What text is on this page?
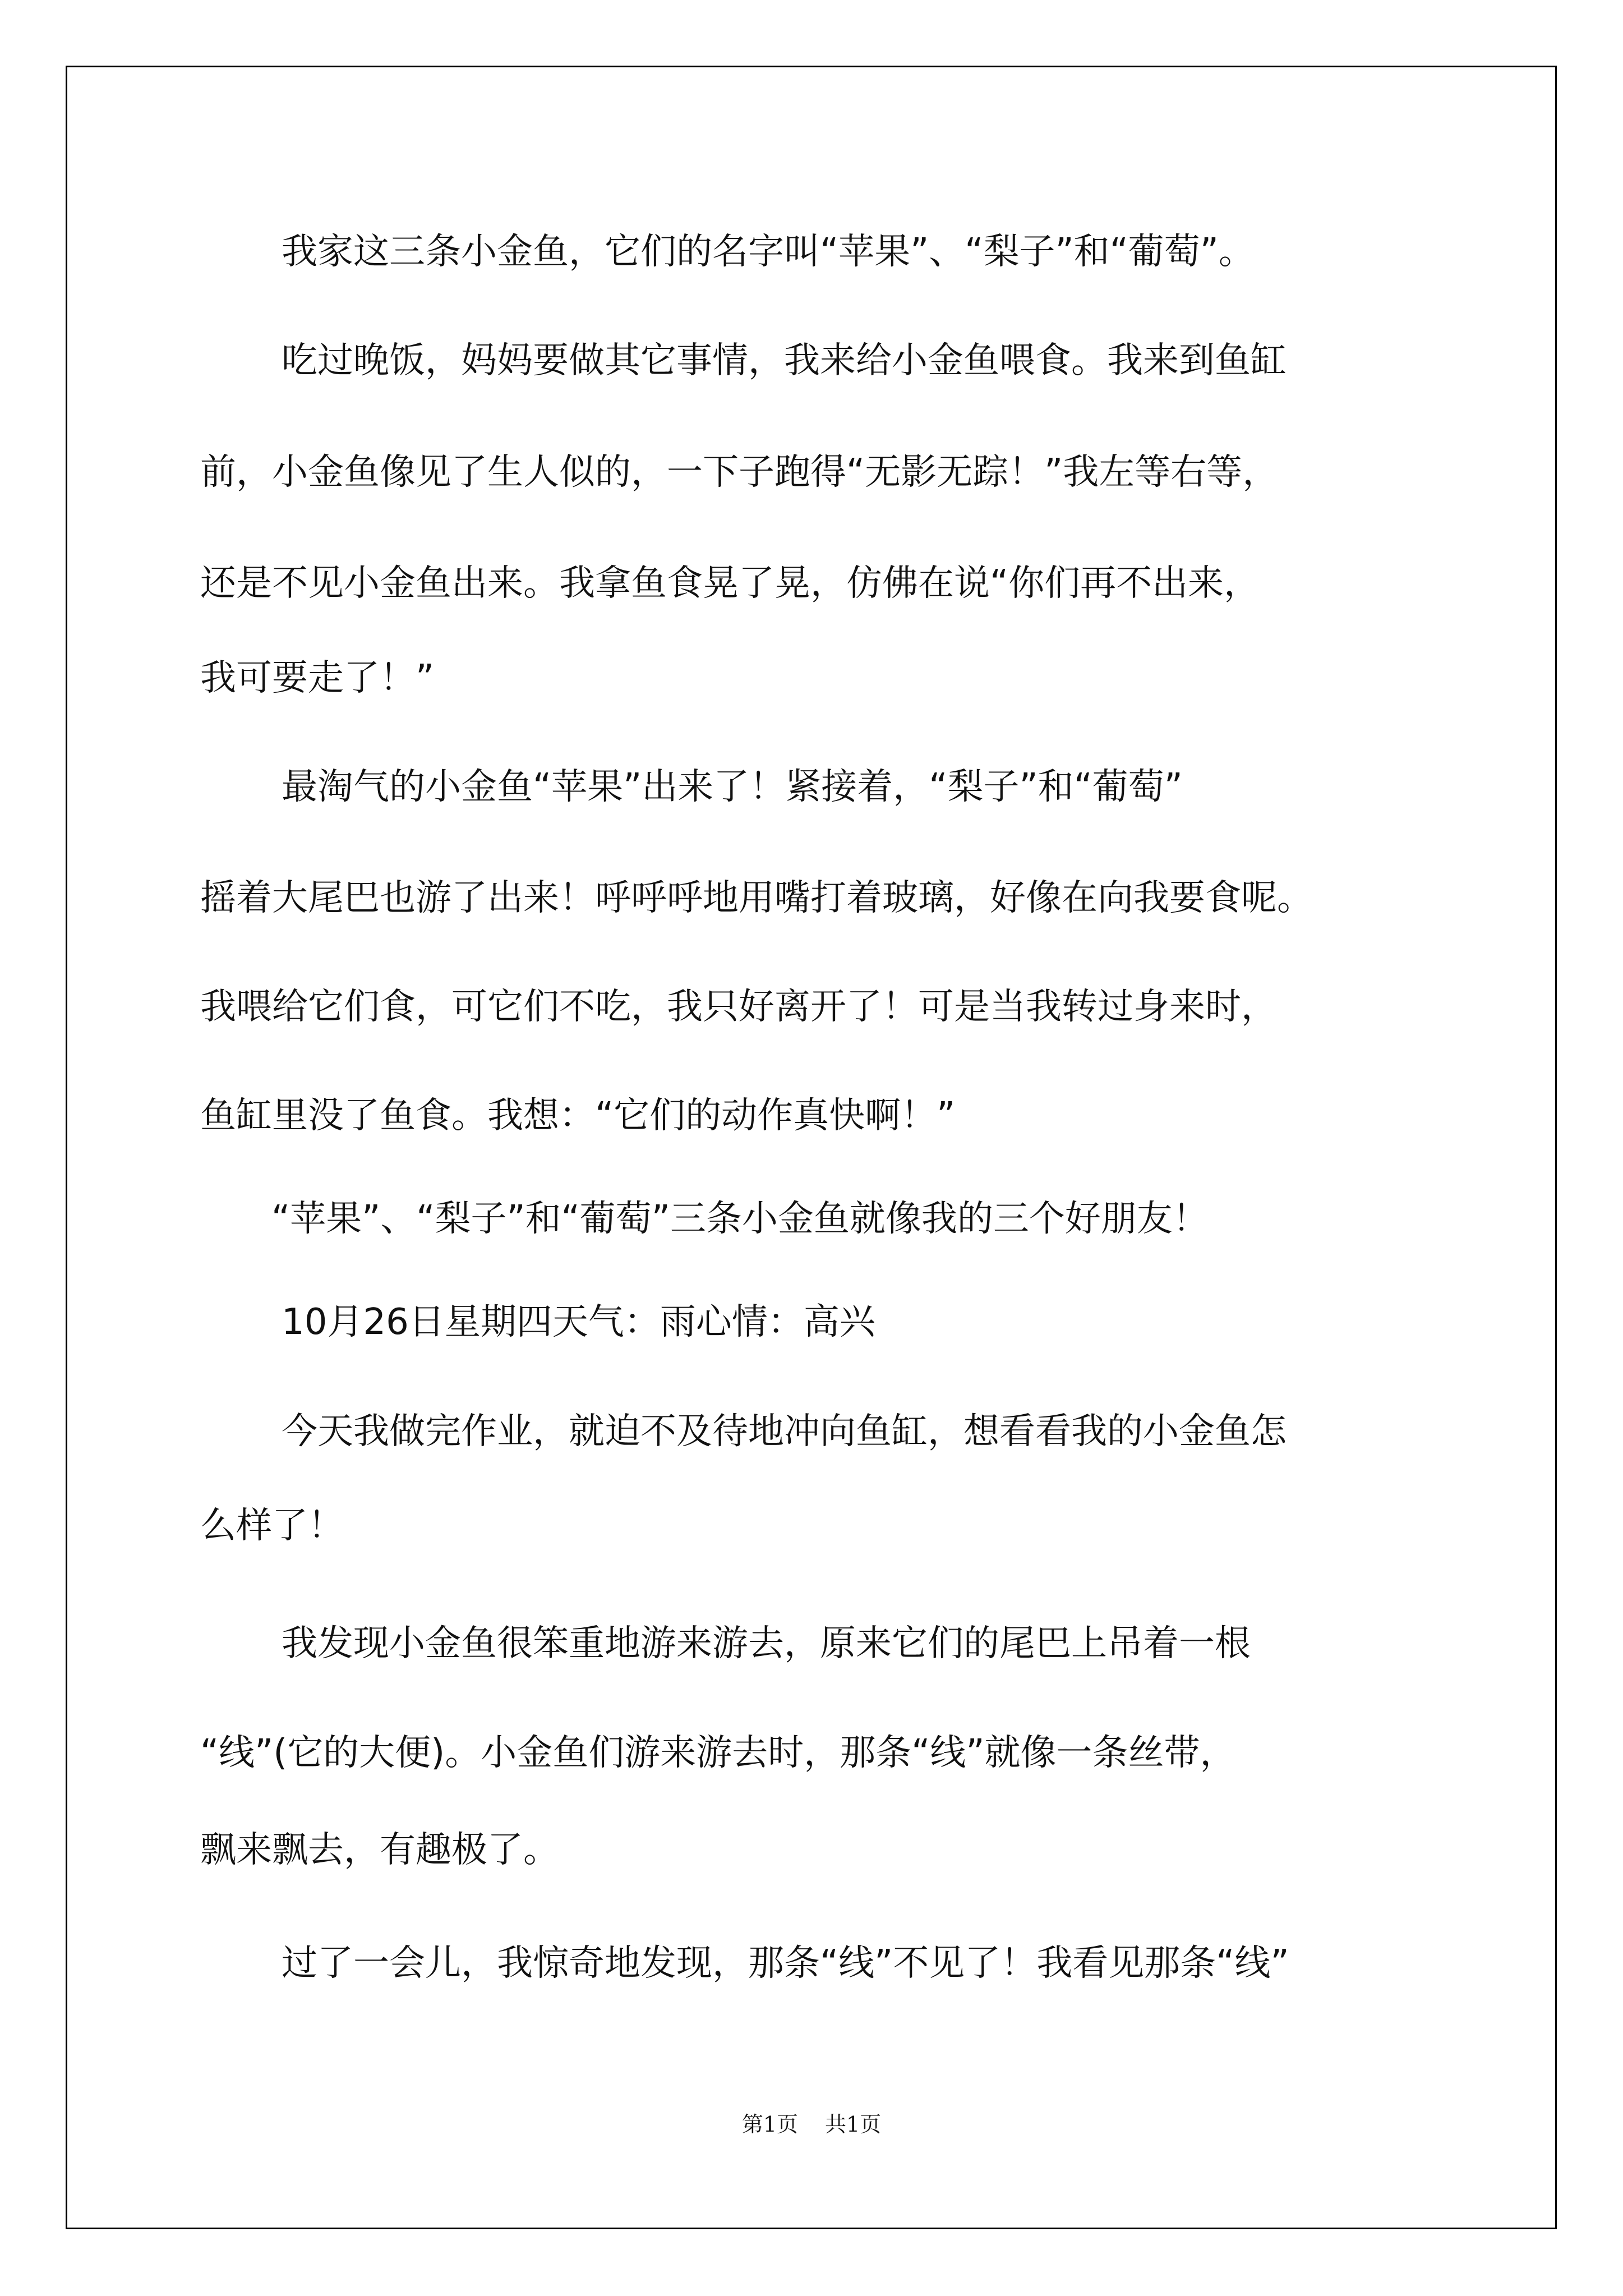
我家这三条小金鱼，它们的名字叫“苹果”、“梨子”和“葡萄”。

吃过晚饭，妈妈要做其它事情，我来给小金鱼喂食。我来到鱼缸

前，小金鱼像见了生人似的，一下子跑得“无影无踪！”我左等右等，

还是不见小金鱼出来。我拿鱼食晃了晃，仿佛在说“你们再不出来，

我可要走了！”

最淘气的小金鱼“苹果”出来了！紧接着，“梨子”和“葡萄”

摇着大尾巴也游了出来！呼呼呼地用嘴打着玻璃，好像在向我要食呢。

我喂给它们食，可它们不吃，我只好离开了！可是当我转过身来时，

鱼缸里没了鱼食。我想：“它们的动作真快啊！”

“苹果”、“梨子”和“葡萄”三条小金鱼就像我的三个好朋友！

10月26日星期四天气：雨心情：高兴

今天我做完作业，就迫不及待地冲向鱼缸，想看看我的小金鱼怎

么样了！

我发现小金鱼很笨重地游来游去，原来它们的尾巴上吊着一根

“线”(它的大便)。小金鱼们游来游去时，那条“线”就像一条丝带，

飘来飘去，有趣极了。

过了一会儿，我惊奇地发现，那条“线”不见了！我看见那条“线”

第1页 共1页
